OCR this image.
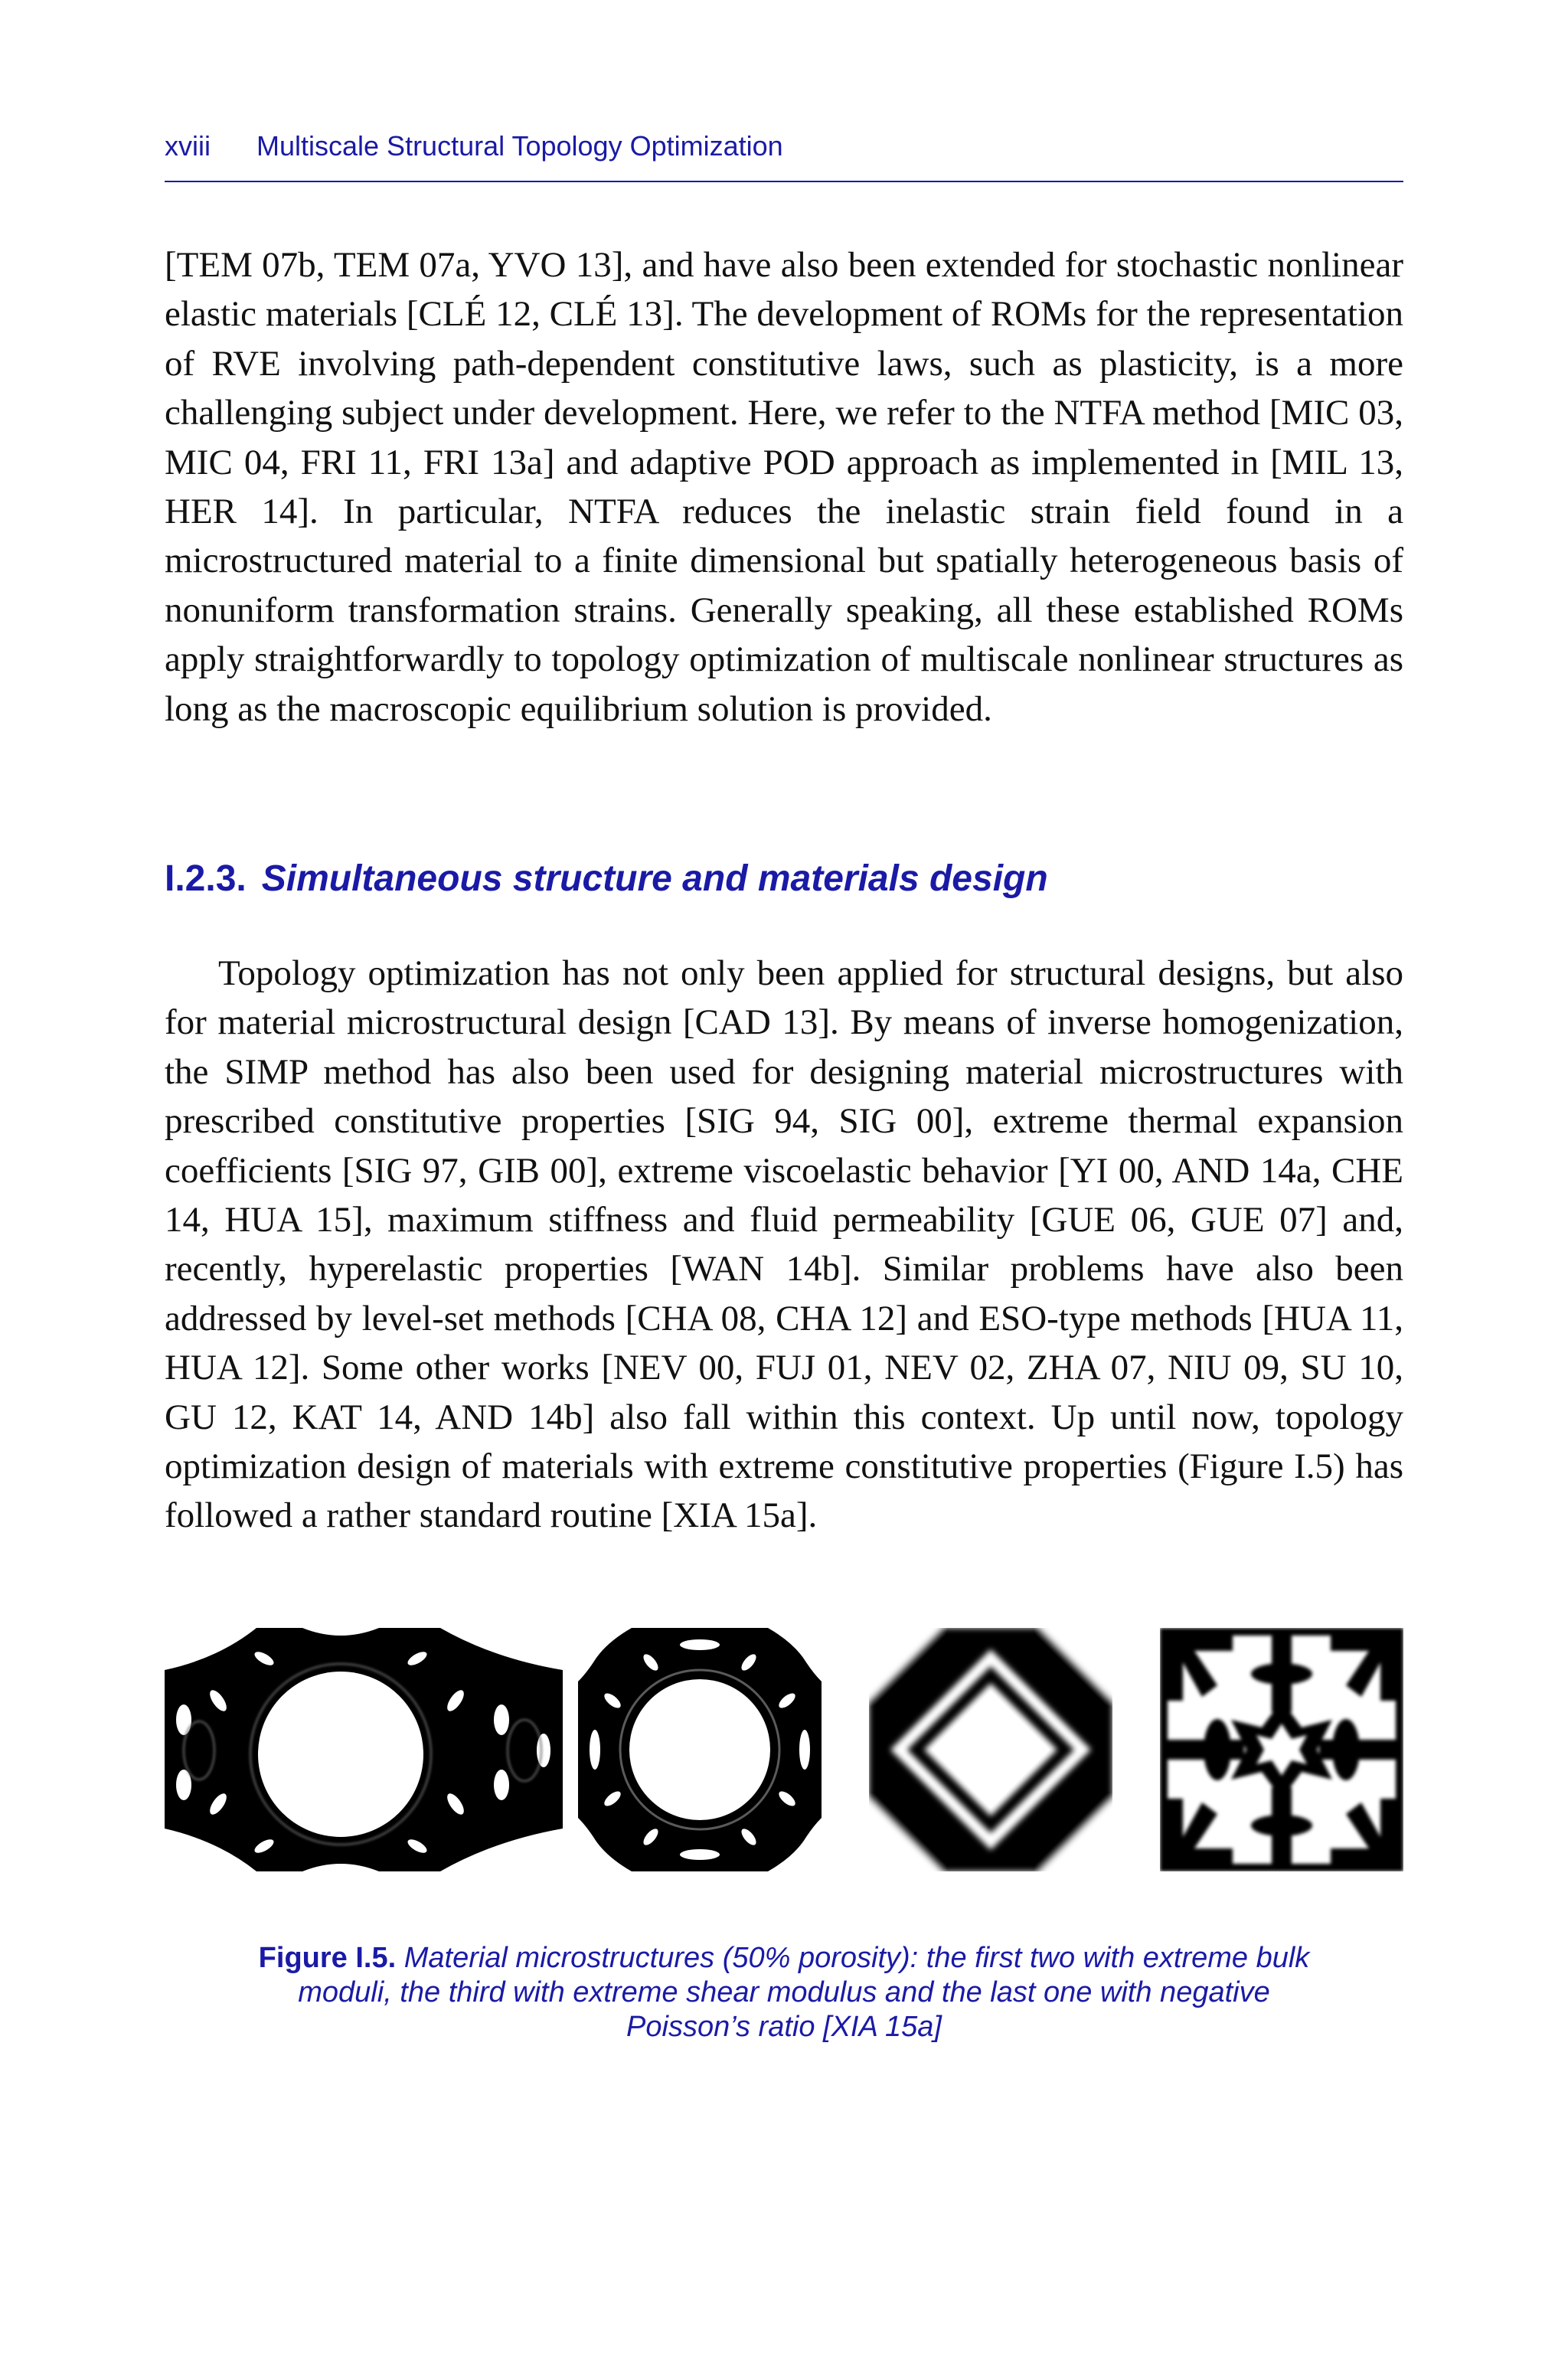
xviii Multiscale Structural Topology Optimization

[TEM 07b, TEM 07a, YVO 13], and have also been extended for stochastic nonlinear elastic materials [CLÉ 12, CLÉ 13]. The development of ROMs for the representation of RVE involving path-dependent constitutive laws, such as plasticity, is a more challenging subject under development. Here, we refer to the NTFA method [MIC 03, MIC 04, FRI 11, FRI 13a] and adaptive POD approach as implemented in [MIL 13, HER 14]. In particular, NTFA reduces the inelastic strain field found in a microstructured material to a finite dimensional but spatially heterogeneous basis of nonuniform transformation strains. Generally speaking, all these established ROMs apply straightforwardly to topology optimization of multiscale nonlinear structures as long as the macroscopic equilibrium solution is provided.

I.2.3. Simultaneous structure and materials design

Topology optimization has not only been applied for structural designs, but also for material microstructural design [CAD 13]. By means of inverse homogenization, the SIMP method has also been used for designing material microstructures with prescribed constitutive properties [SIG 94, SIG 00], extreme thermal expansion coefficients [SIG 97, GIB 00], extreme viscoelastic behavior [YI 00, AND 14a, CHE 14, HUA 15], maximum stiffness and fluid permeability [GUE 06, GUE 07] and, recently, hyperelastic properties [WAN 14b]. Similar problems have also been addressed by level-set methods [CHA 08, CHA 12] and ESO-type methods [HUA 11, HUA 12]. Some other works [NEV 00, FUJ 01, NEV 02, ZHA 07, NIU 09, SU 10, GU 12, KAT 14, AND 14b] also fall within this context. Up until now, topology optimization design of materials with extreme constitutive properties (Figure I.5) has followed a rather standard routine [XIA 15a].

Figure I.5. Material microstructures (50% porosity): the first two with extreme bulk moduli, the third with extreme shear modulus and the last one with negative Poisson’s ratio [XIA 15a]
